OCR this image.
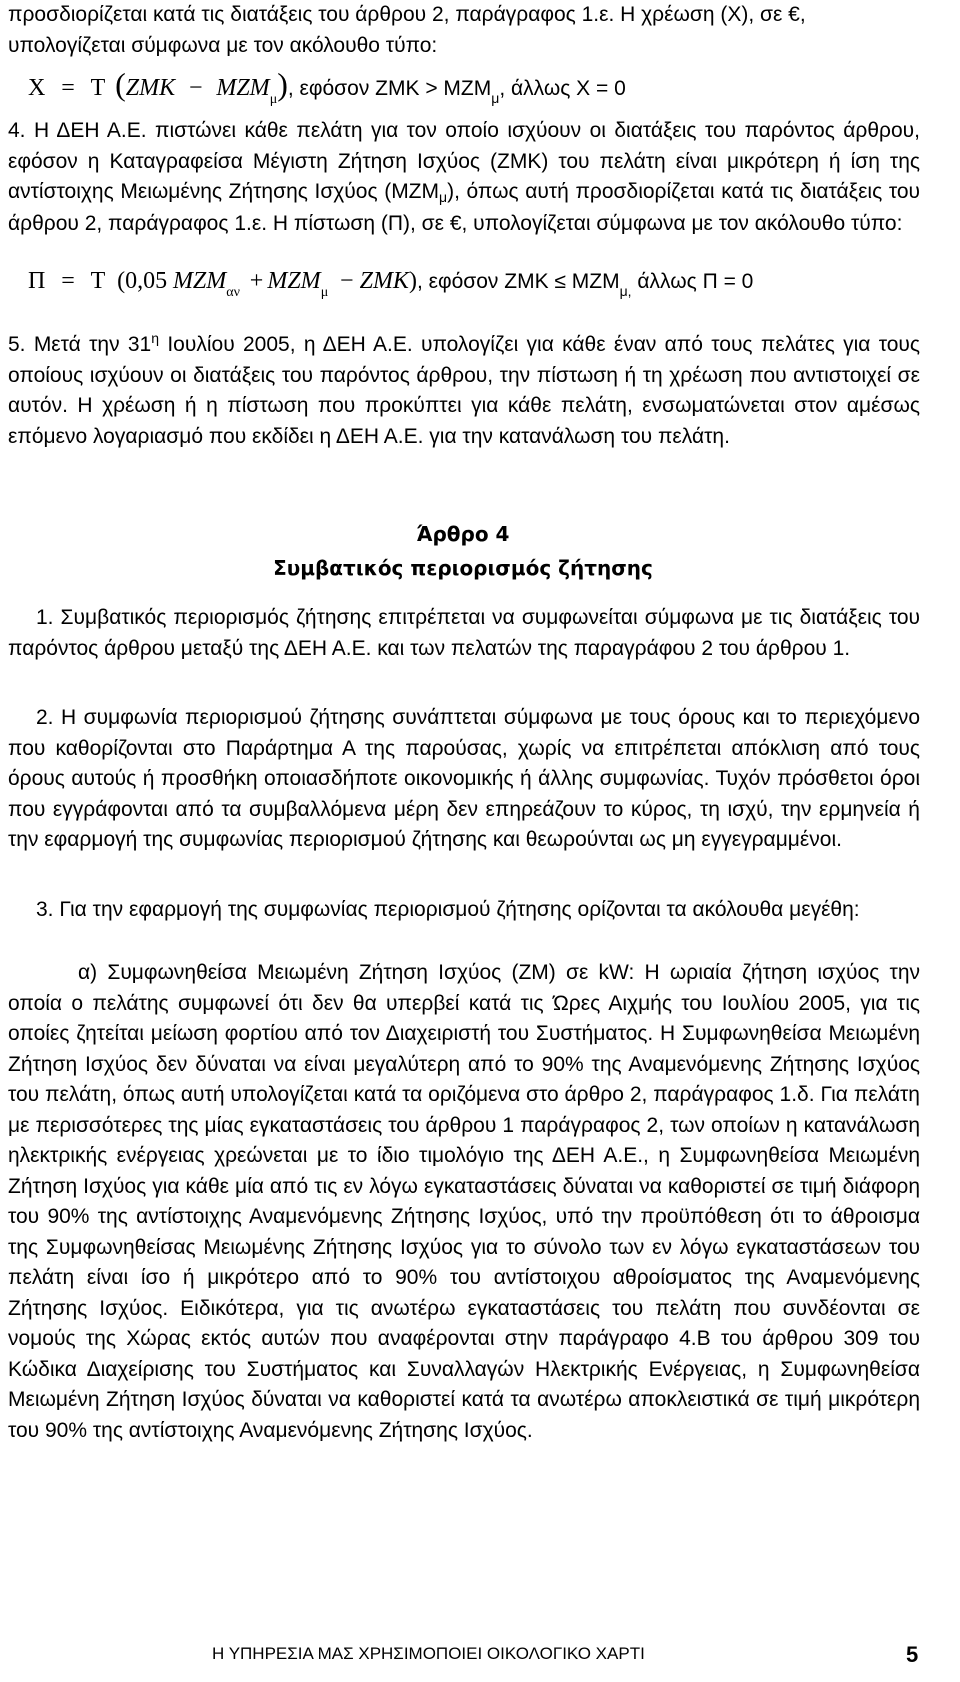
προσδιορίζεται κατά τις διατάξεις του άρθρου 2, παράγραφος 1.ε. Η χρέωση (Χ), σε €,
υπολογίζεται σύμφωνα με τον ακόλουθο τύπο:

X = T $(ZMK - MZM_\mu)$, εφόσον $ZMK > MZM_\mu$, άλλως Χ = 0

4. Η ΔΕΗ Α.Ε. πιστώνει κάθε πελάτη για τον οποίο ισχύουν οι διατάξεις του παρόντος άρθρου, εφόσον η Καταγραφείσα Μέγιστη Ζήτηση Ισχύος (ΖΜΚ) του πελάτη είναι μικρότερη ή ίση της αντίστοιχης Μειωμένης Ζήτησης Ισχύος (ΜΖΜμ), όπως αυτή προσδιορίζεται κατά τις διατάξεις του άρθρου 2, παράγραφος 1.ε. Η πίστωση (Π), σε €, υπολογίζεται σύμφωνα με τον ακόλουθο τύπο:

Π = T (0,05 $MZM_{\alpha\nu} + MZM_\mu - ZMK$), εφόσον $ZMK \le MZM_{\mu,}$ άλλως Π = 0

5. Μετά την $31^\eta$ Ιουλίου 2005, η ΔΕΗ Α.Ε. υπολογίζει για κάθε έναν από τους πελάτες για τους οποίους ισχύουν οι διατάξεις του παρόντος άρθρου, την πίστωση ή τη χρέωση που αντιστοιχεί σε αυτόν. Η χρέωση ή η πίστωση που προκύπτει για κάθε πελάτη, ενσωματώνεται στον αμέσως επόμενο λογαριασμό που εκδίδει η ΔΕΗ Α.Ε. για την κατανάλωση του πελάτη.

Άρθρο 4
Συμβατικός περιορισμός ζήτησης

1. Συμβατικός περιορισμός ζήτησης επιτρέπεται να συμφωνείται σύμφωνα με τις διατάξεις του παρόντος άρθρου μεταξύ της ΔΕΗ Α.Ε. και των πελατών της παραγράφου 2 του άρθρου 1.

2. Η συμφωνία περιορισμού ζήτησης συνάπτεται σύμφωνα με τους όρους και το περιεχόμενο που καθορίζονται στο Παράρτημα Α της παρούσας, χωρίς να επιτρέπεται απόκλιση από τους όρους αυτούς ή προσθήκη οποιασδήποτε οικονομικής ή άλλης συμφωνίας. Τυχόν πρόσθετοι όροι που εγγράφονται από τα συμβαλλόμενα μέρη δεν επηρεάζουν το κύρος, τη ισχύ, την ερμηνεία ή την εφαρμογή της συμφωνίας περιορισμού ζήτησης και θεωρούνται ως μη εγγεγραμμένοι.

3. Για την εφαρμογή της συμφωνίας περιορισμού ζήτησης ορίζονται τα ακόλουθα μεγέθη:

α) Συμφωνηθείσα Μειωμένη Ζήτηση Ισχύος (ΖΜ) σε kW: Η ωριαία ζήτηση ισχύος την οποία ο πελάτης συμφωνεί ότι δεν θα υπερβεί κατά τις Ώρες Αιχμής του Ιουλίου 2005, για τις οποίες ζητείται μείωση φορτίου από τον Διαχειριστή του Συστήματος. Η Συμφωνηθείσα Μειωμένη Ζήτηση Ισχύος δεν δύναται να είναι μεγαλύτερη από το 90% της Αναμενόμενης Ζήτησης Ισχύος του πελάτη, όπως αυτή υπολογίζεται κατά τα οριζόμενα στο άρθρο 2, παράγραφος 1.δ. Για πελάτη με περισσότερες της μίας εγκαταστάσεις του άρθρου 1 παράγραφος 2, των οποίων η κατανάλωση ηλεκτρικής ενέργειας χρεώνεται με το ίδιο τιμολόγιο της ΔΕΗ Α.Ε., η Συμφωνηθείσα Μειωμένη Ζήτηση Ισχύος για κάθε μία από τις εν λόγω εγκαταστάσεις δύναται να καθοριστεί σε τιμή διάφορη του 90% της αντίστοιχης Αναμενόμενης Ζήτησης Ισχύος, υπό την προϋπόθεση ότι το άθροισμα της Συμφωνηθείσας Μειωμένης Ζήτησης Ισχύος για το σύνολο των εν λόγω εγκαταστάσεων του πελάτη είναι ίσο ή μικρότερο από το 90% του αντίστοιχου αθροίσματος της Αναμενόμενης Ζήτησης Ισχύος. Ειδικότερα, για τις ανωτέρω εγκαταστάσεις του πελάτη που συνδέονται σε νομούς της Χώρας εκτός αυτών που αναφέρονται στην παράγραφο 4.Β του άρθρου 309 του Κώδικα Διαχείρισης του Συστήματος και Συναλλαγών Ηλεκτρικής Ενέργειας, η Συμφωνηθείσα Μειωμένη Ζήτηση Ισχύος δύναται να καθοριστεί κατά τα ανωτέρω αποκλειστικά σε τιμή μικρότερη του 90% της αντίστοιχης Αναμενόμενης Ζήτησης Ισχύος.

Η ΥΠΗΡΕΣΙΑ ΜΑΣ ΧΡΗΣΙΜΟΠΟΙΕΙ ΟΙΚΟΛΟΓΙΚΟ ΧΑΡΤΙ	5
